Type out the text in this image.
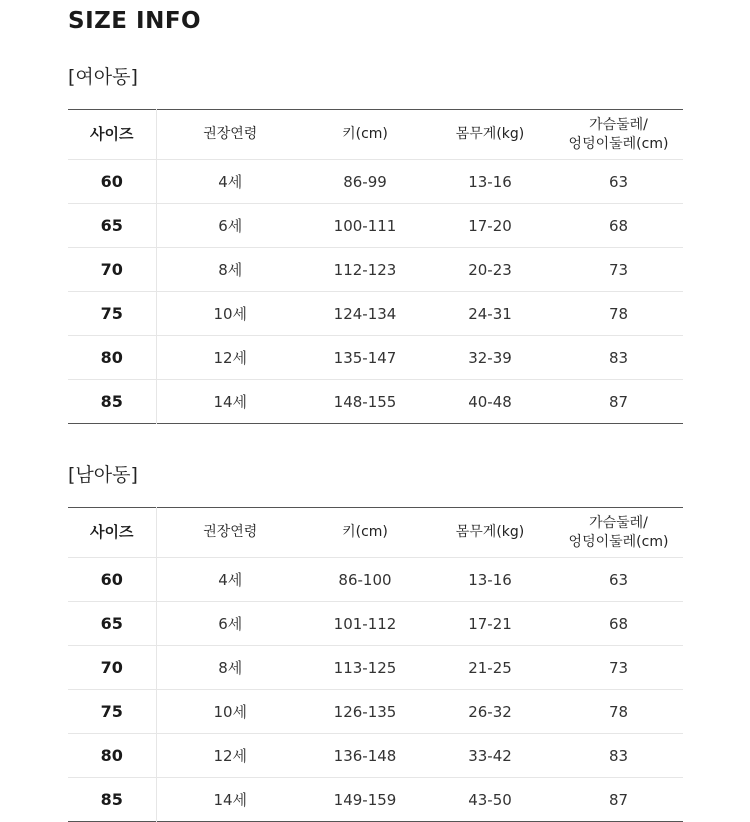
SIZE INFO
[여아동]
사이즈	권장연령	키(cm)	몸무게(kg)	가슴둘레/
엉덩이둘레(cm)

60	4세	86-99	13-16	63
65	6세	100-111	17-20	68
70	8세	112-123	20-23	73
75	10세	124-134	24-31	78
80	12세	135-147	32-39	83
85	14세	148-155	40-48	87
[남아동]
사이즈	권장연령	키(cm)	몸무게(kg)	가슴둘레/
엉덩이둘레(cm)

60	4세	86-100	13-16	63
65	6세	101-112	17-21	68
70	8세	113-125	21-25	73
75	10세	126-135	26-32	78
80	12세	136-148	33-42	83
85	14세	149-159	43-50	87
